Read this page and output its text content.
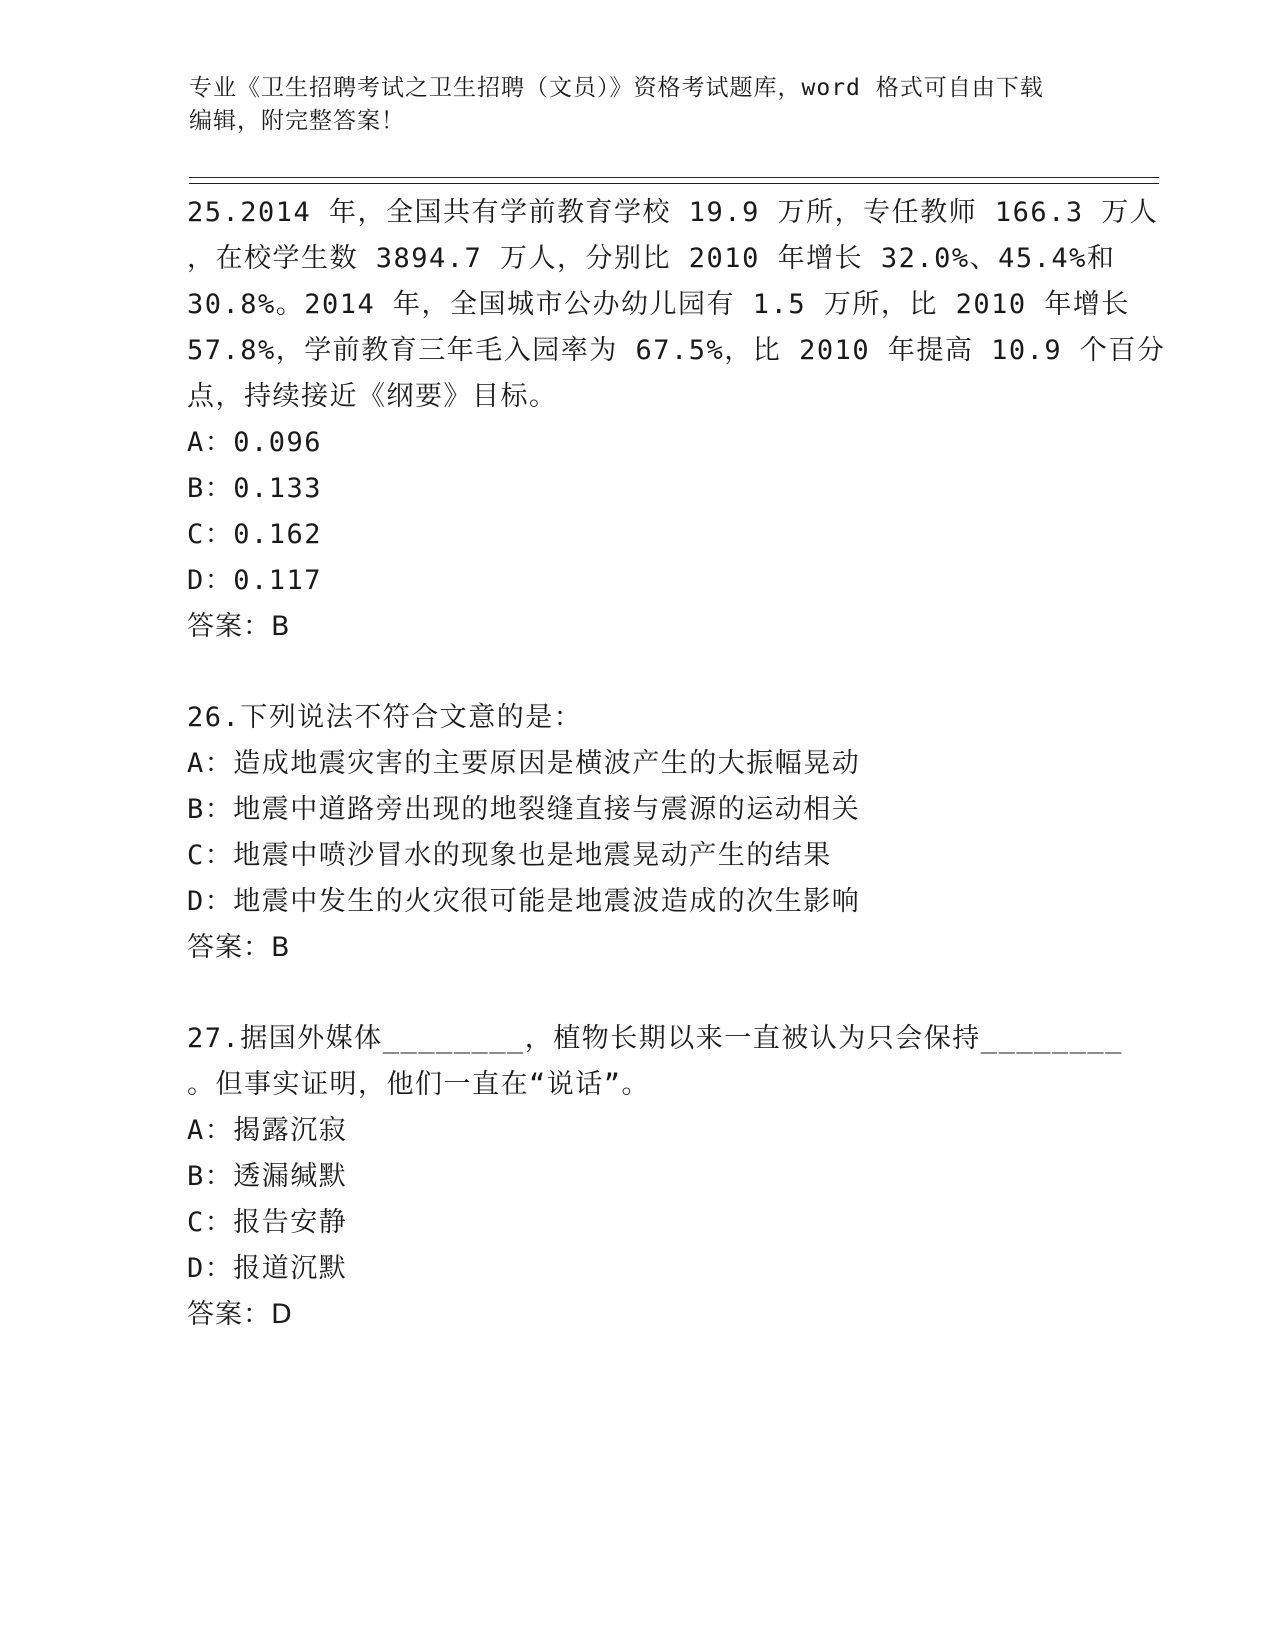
专业《卫生招聘考试之卫生招聘（文员）》资格考试题库，word 格式可自由下载
编辑，附完整答案！
25.2014 年，全国共有学前教育学校 19.9 万所，专任教师 166.3 万人
，在校学生数 3894.7 万人，分别比 2010 年增长 32.0%、45.4%和
30.8%。2014 年，全国城市公办幼儿园有 1.5 万所，比 2010 年增长
57.8%，学前教育三年毛入园率为 67.5%，比 2010 年提高 10.9 个百分
点，持续接近《纲要》目标。
A：0.096
B：0.133
C：0.162
D：0.117
答案：B
26.下列说法不符合文意的是：
A：造成地震灾害的主要原因是横波产生的大振幅晃动
B：地震中道路旁出现的地裂缝直接与震源的运动相关
C：地震中喷沙冒水的现象也是地震晃动产生的结果
D：地震中发生的火灾很可能是地震波造成的次生影响
答案：B
27.据国外媒体________，植物长期以来一直被认为只会保持________
。但事实证明，他们一直在“说话”。
A：揭露沉寂
B：透漏缄默
C：报告安静
D：报道沉默
答案：D
